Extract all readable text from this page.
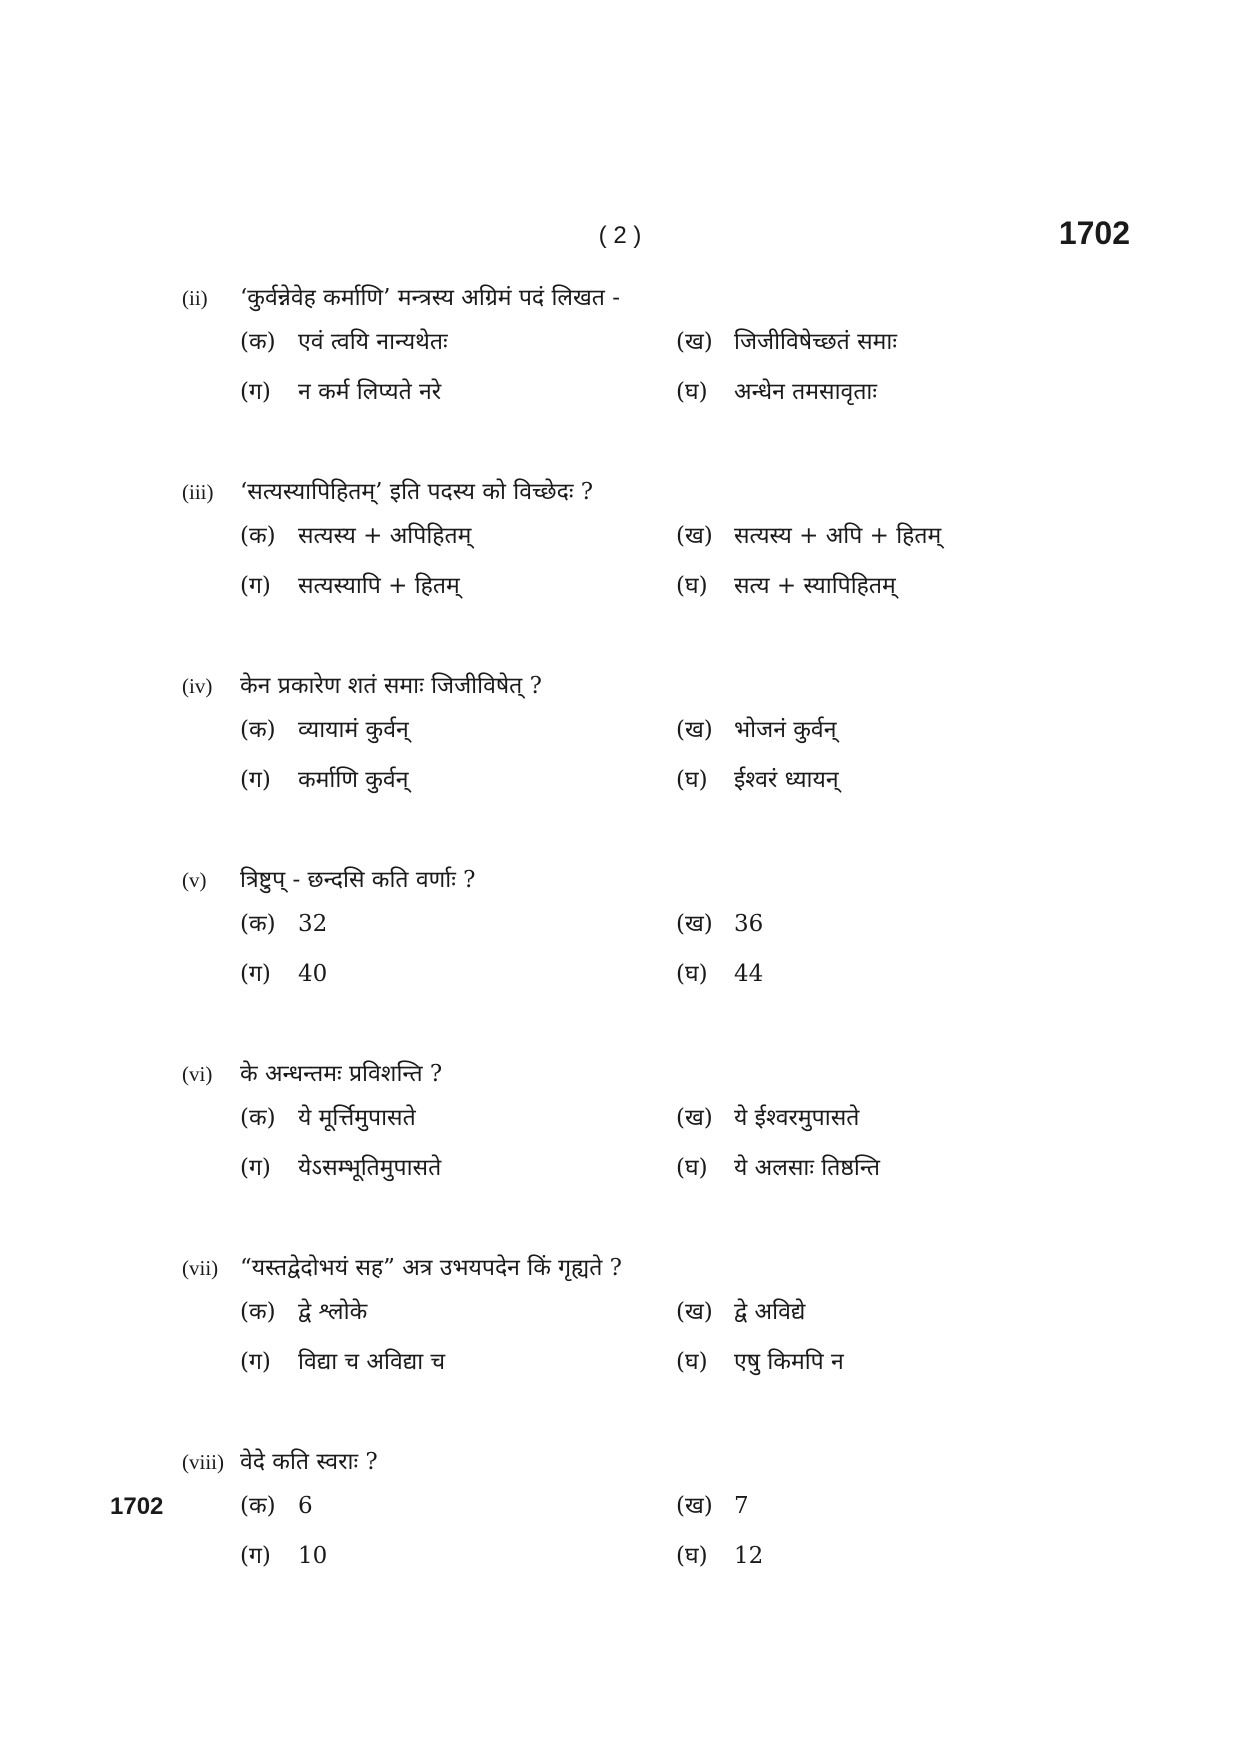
( 2 )	1702
(ii)	‘कुर्वन्नेवेह कर्माणि’ मन्त्रस्य अग्रिमं पदं लिखत -
(क) एवं त्वयि नान्यथेतः	(ख) जिजीविषेच्छतं समाः
(ग)	न कर्म लिप्यते नरे	(घ)	अन्धेन तमसावृताः
(iii)	‘सत्यस्यापिहितम्’ इति पदस्य को विच्छेदः ?
(क) सत्यस्य + अपिहितम्	(ख) सत्यस्य + अपि + हितम्
(ग)	सत्यस्यापि + हितम्	(घ)	सत्य + स्यापिहितम्
(iv)	केन प्रकारेण शतं समाः जिजीविषेत् ?
(क) व्यायामं कुर्वन्	(ख) भोजनं कुर्वन्
(ग)	कर्माणि कुर्वन्	(घ)	ईश्वरं ध्यायन्
(v)	त्रिष्टुप् - छन्दसि कति वर्णाः ?
(क) 32	(ख) 36
(ग)	40	(घ)	44
(vi)	के अन्धन्तमः प्रविशन्ति ?
(क) ये मूर्त्तिमुपासते	(ख) ये ईश्वरमुपासते
(ग)	येऽसम्भूतिमुपासते	(घ)	ये अलसाः तिष्ठन्ति
(vii) “यस्तद्वेदोभयं सह” अत्र उभयपदेन किं गृह्यते ?
(क) द्वे श्लोके	(ख) द्वे अविद्ये
(ग)	विद्या च अविद्या च	(घ)	एषु किमपि न
(viii) वेदे कति स्वराः ?
(क) 6	(ख) 7
(ग)	10	(घ)	12
1702
